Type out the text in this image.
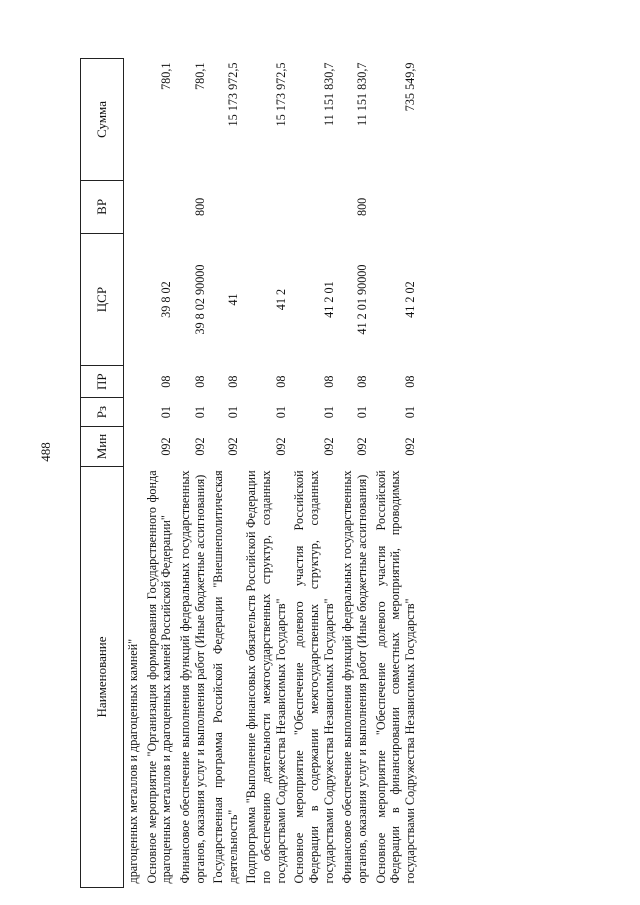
488
Наименование	Мин	Рз	ПР	ЦСР	ВР	Сумма
драгоценных металлов и драгоценных камней"						
Основное мероприятие "Организация формирования Государственного фонда драгоценных металлов и драгоценных камней Российской Федерации"	092	01	08	39 8 02		780,1
Финансовое обеспечение выполнения функций федеральных государственных органов, оказания услуг и выполнения работ (Иные бюджетные ассигнования)	092	01	08	39 8 02 90000	800	780,1
Государственная программа Российской Федерации "Внешнеполитическая деятельность"	092	01	08	41		15 173 972,5
Подпрограмма "Выполнение финансовых обязательств Российской Федерации по обеспечению деятельности межгосударственных структур, созданных государствами Содружества Независимых Государств"	092	01	08	41 2		15 173 972,5
Основное мероприятие "Обеспечение долевого участия Российской Федерации в содержании межгосударственных структур, созданных государствами Содружества Независимых Государств"	092	01	08	41 2 01		11 151 830,7
Финансовое обеспечение выполнения функций федеральных государственных органов, оказания услуг и выполнения работ (Иные бюджетные ассигнования)	092	01	08	41 2 01 90000	800	11 151 830,7
Основное мероприятие "Обеспечение долевого участия Российской Федерации в финансировании совместных мероприятий, проводимых государствами Содружества Независимых Государств"	092	01	08	41 2 02		735 549,9
